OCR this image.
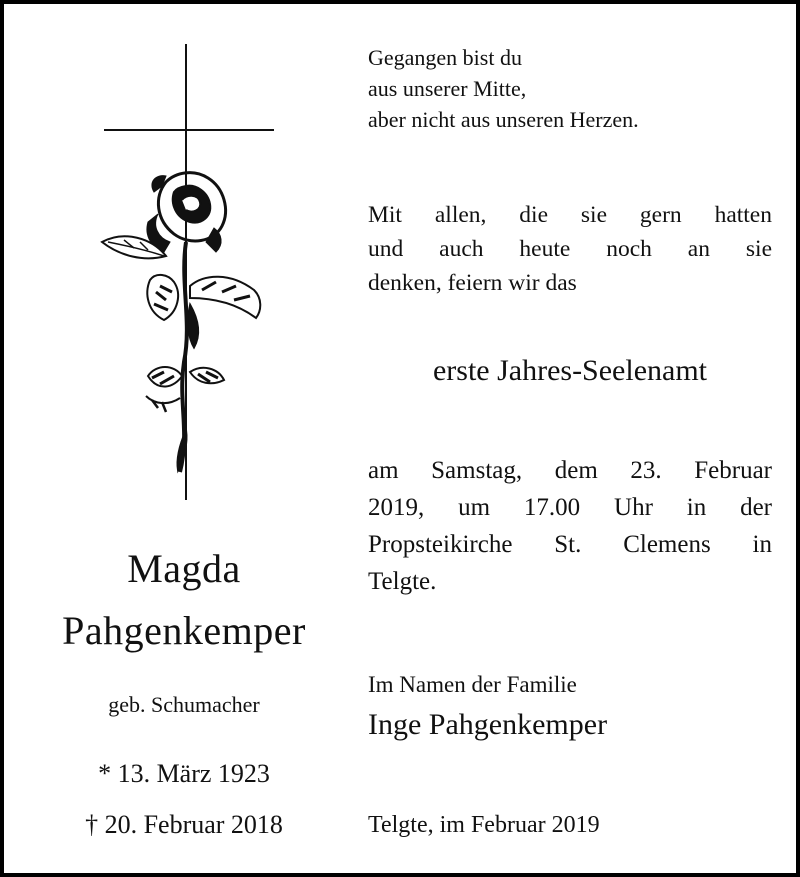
Magda
Pahgenkemper
geb. Schumacher
* 13. März 1923
† 20. Februar 2018
Gegangen bist du
aus unserer Mitte,
aber nicht aus unseren Herzen.
Mit allen, die sie gern hatten
und auch heute noch an sie
denken, feiern wir das
erste Jahres-Seelenamt
am Samstag, dem 23. Februar
2019, um 17.00 Uhr in der
Propsteikirche St. Clemens in
Telgte.
Im Namen der Familie
Inge Pahgenkemper
Telgte, im Februar 2019
